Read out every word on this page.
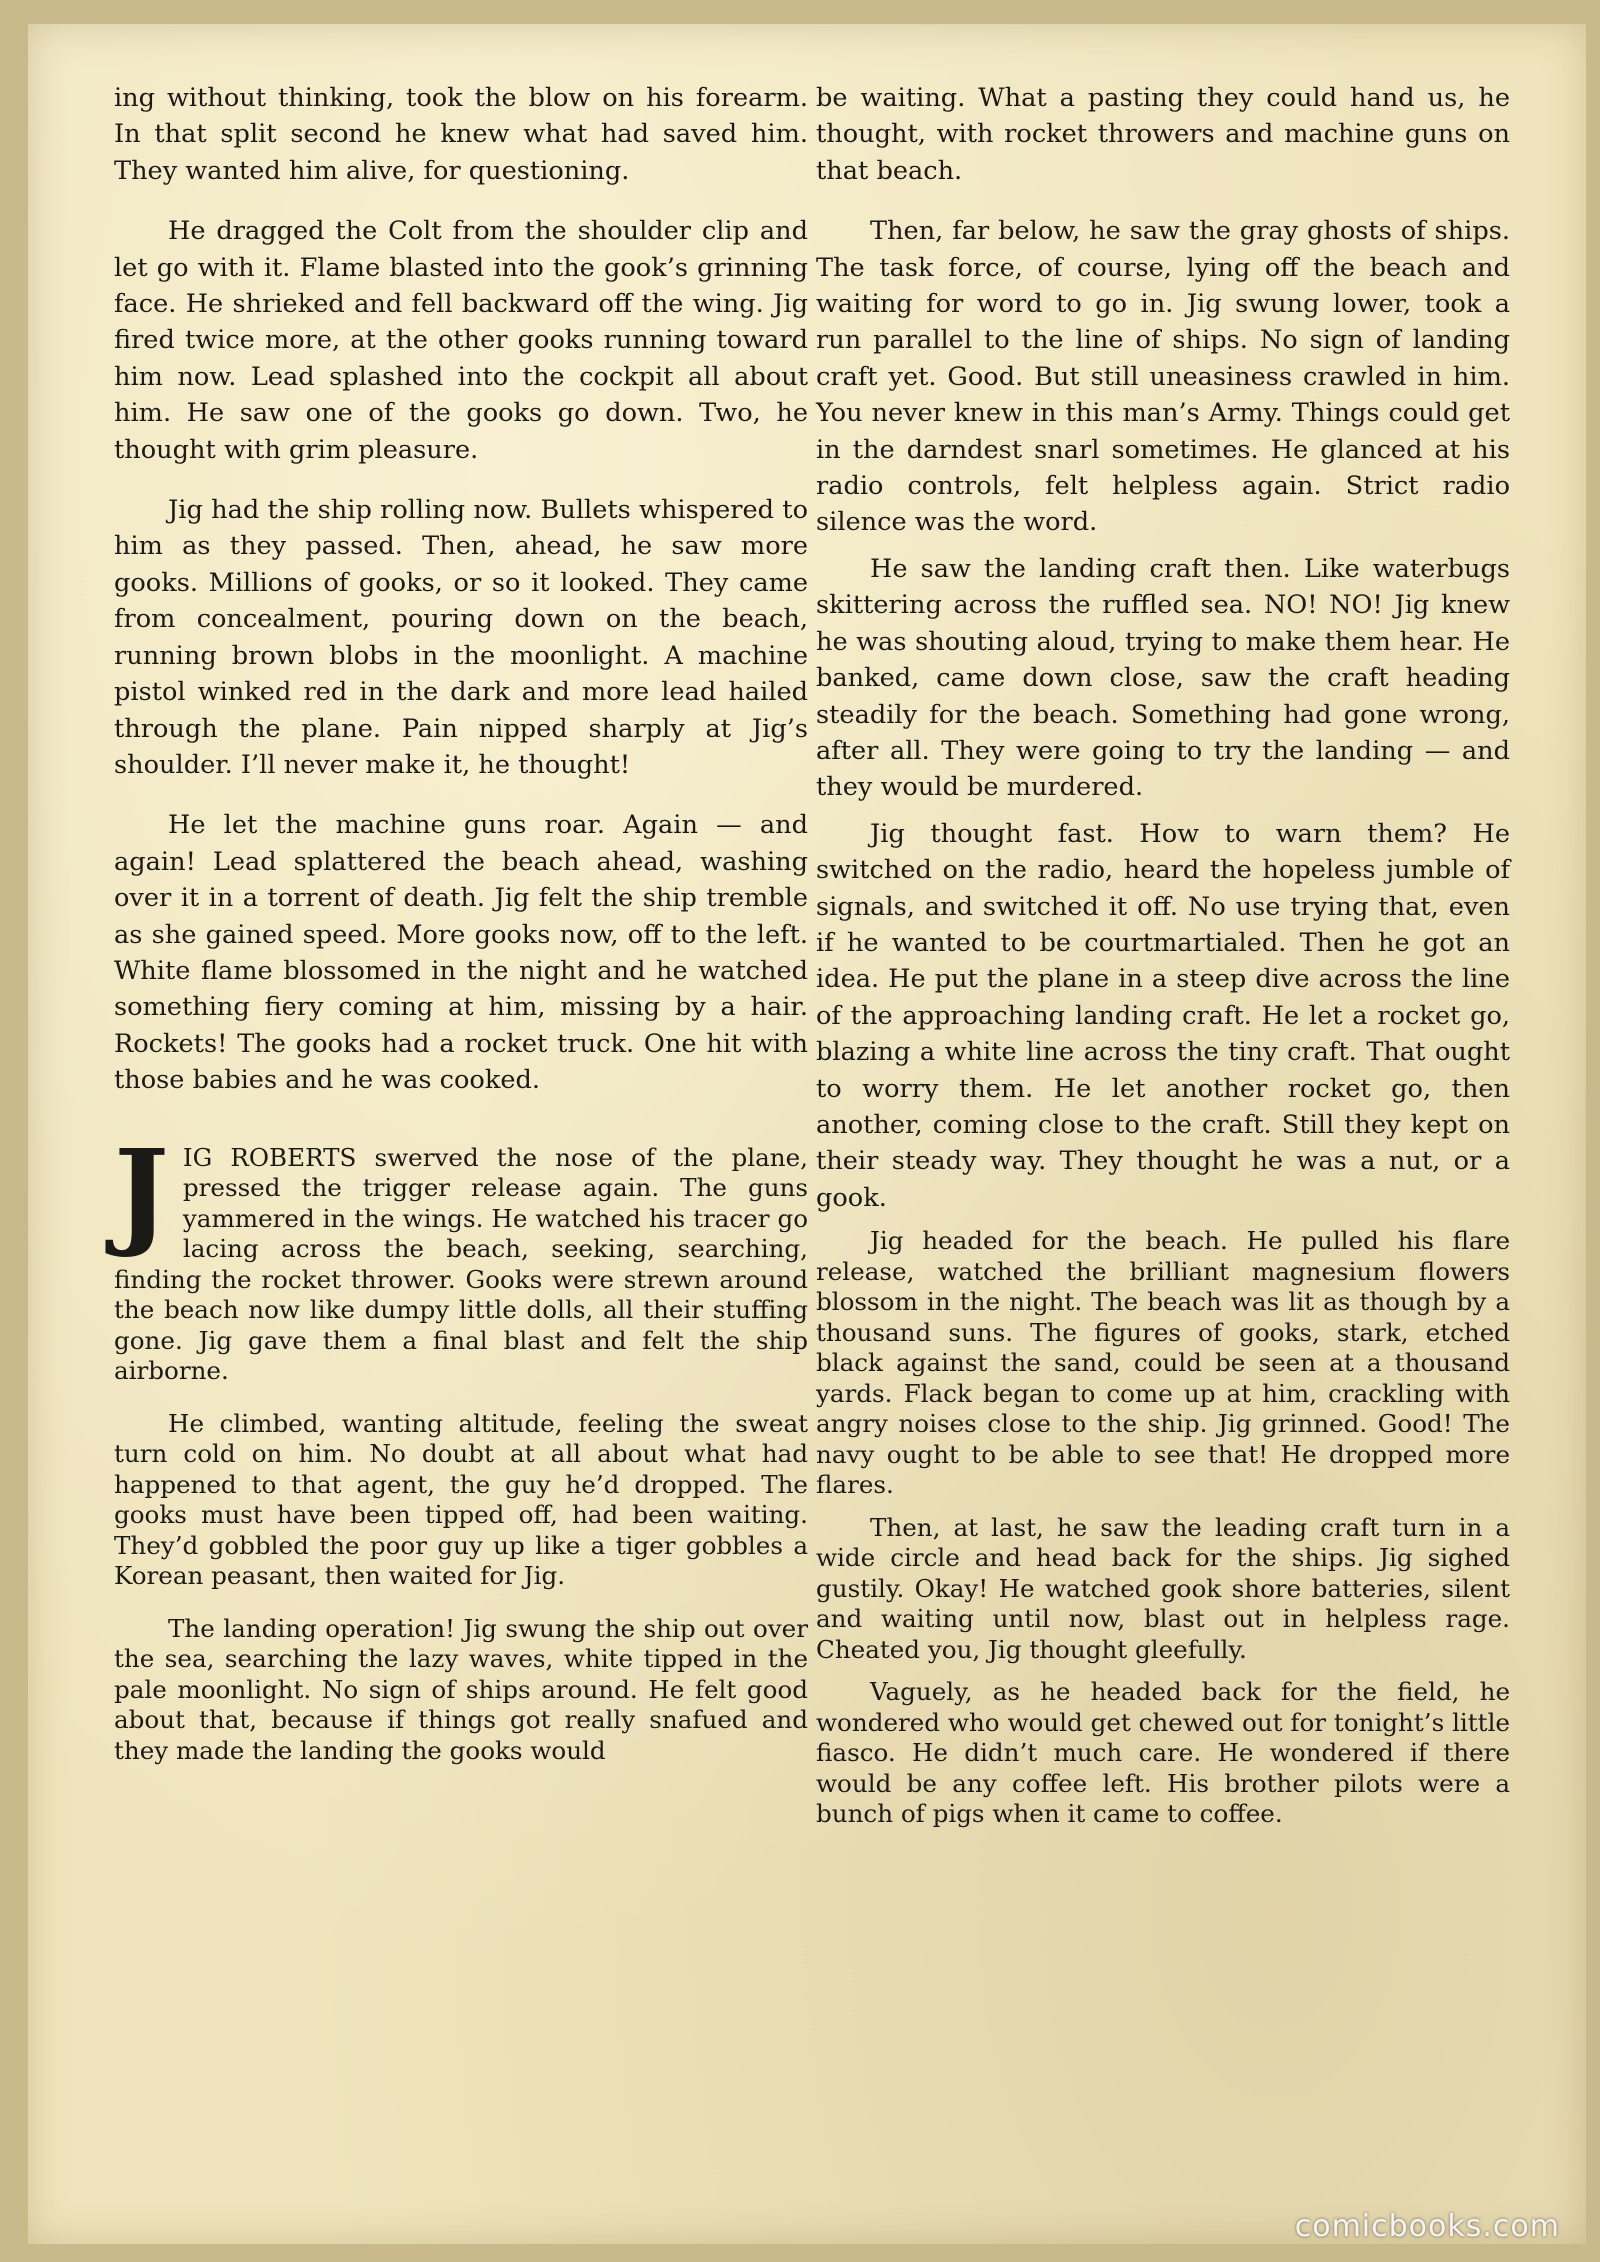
ing without thinking, took the blow on his forearm. In that split second he knew what had saved him. They wanted him alive, for questioning.

He dragged the Colt from the shoulder clip and let go with it. Flame blasted into the gook’s grinning face. He shrieked and fell backward off the wing. Jig fired twice more, at the other gooks running toward him now. Lead splashed into the cockpit all about him. He saw one of the gooks go down. Two, he thought with grim pleasure.

Jig had the ship rolling now. Bullets whispered to him as they passed. Then, ahead, he saw more gooks. Millions of gooks, or so it looked. They came from concealment, pouring down on the beach, running brown blobs in the moonlight. A machine pistol winked red in the dark and more lead hailed through the plane. Pain nipped sharply at Jig’s shoulder. I’ll never make it, he thought!

He let the machine guns roar. Again — and again! Lead splattered the beach ahead, washing over it in a torrent of death. Jig felt the ship tremble as she gained speed. More gooks now, off to the left. White flame blossomed in the night and he watched something fiery coming at him, missing by a hair. Rockets! The gooks had a rocket truck. One hit with those babies and he was cooked.

J IG ROBERTS swerved the nose of the plane, pressed the trigger release again. The guns yammered in the wings. He watched his tracer go lacing across the beach, seeking, searching, finding the rocket thrower. Gooks were strewn around the beach now like dumpy little dolls, all their stuffing gone. Jig gave them a final blast and felt the ship airborne.

He climbed, wanting altitude, feeling the sweat turn cold on him. No doubt at all about what had happened to that agent, the guy he’d dropped. The gooks must have been tipped off, had been waiting. They’d gobbled the poor guy up like a tiger gobbles a Korean peasant, then waited for Jig.

The landing operation! Jig swung the ship out over the sea, searching the lazy waves, white tipped in the pale moonlight. No sign of ships around. He felt good about that, because if things got really snafued and they made the landing the gooks would

be waiting. What a pasting they could hand us, he thought, with rocket throwers and machine guns on that beach.

Then, far below, he saw the gray ghosts of ships. The task force, of course, lying off the beach and waiting for word to go in. Jig swung lower, took a run parallel to the line of ships. No sign of landing craft yet. Good. But still uneasiness crawled in him. You never knew in this man’s Army. Things could get in the darndest snarl sometimes. He glanced at his radio controls, felt helpless again. Strict radio silence was the word.

He saw the landing craft then. Like waterbugs skittering across the ruffled sea. NO! NO! Jig knew he was shouting aloud, trying to make them hear. He banked, came down close, saw the craft heading steadily for the beach. Something had gone wrong, after all. They were going to try the landing — and they would be murdered.

Jig thought fast. How to warn them? He switched on the radio, heard the hopeless jumble of signals, and switched it off. No use trying that, even if he wanted to be courtmartialed. Then he got an idea. He put the plane in a steep dive across the line of the approaching landing craft. He let a rocket go, blazing a white line across the tiny craft. That ought to worry them. He let another rocket go, then another, coming close to the craft. Still they kept on their steady way. They thought he was a nut, or a gook.

Jig headed for the beach. He pulled his flare release, watched the brilliant magnesium flowers blossom in the night. The beach was lit as though by a thousand suns. The figures of gooks, stark, etched black against the sand, could be seen at a thousand yards. Flack began to come up at him, crackling with angry noises close to the ship. Jig grinned. Good! The navy ought to be able to see that! He dropped more flares.

Then, at last, he saw the leading craft turn in a wide circle and head back for the ships. Jig sighed gustily. Okay! He watched gook shore batteries, silent and waiting until now, blast out in helpless rage. Cheated you, Jig thought gleefully.

Vaguely, as he headed back for the field, he wondered who would get chewed out for tonight’s little fiasco. He didn’t much care. He wondered if there would be any coffee left. His brother pilots were a bunch of pigs when it came to coffee.

comicbooks.com
